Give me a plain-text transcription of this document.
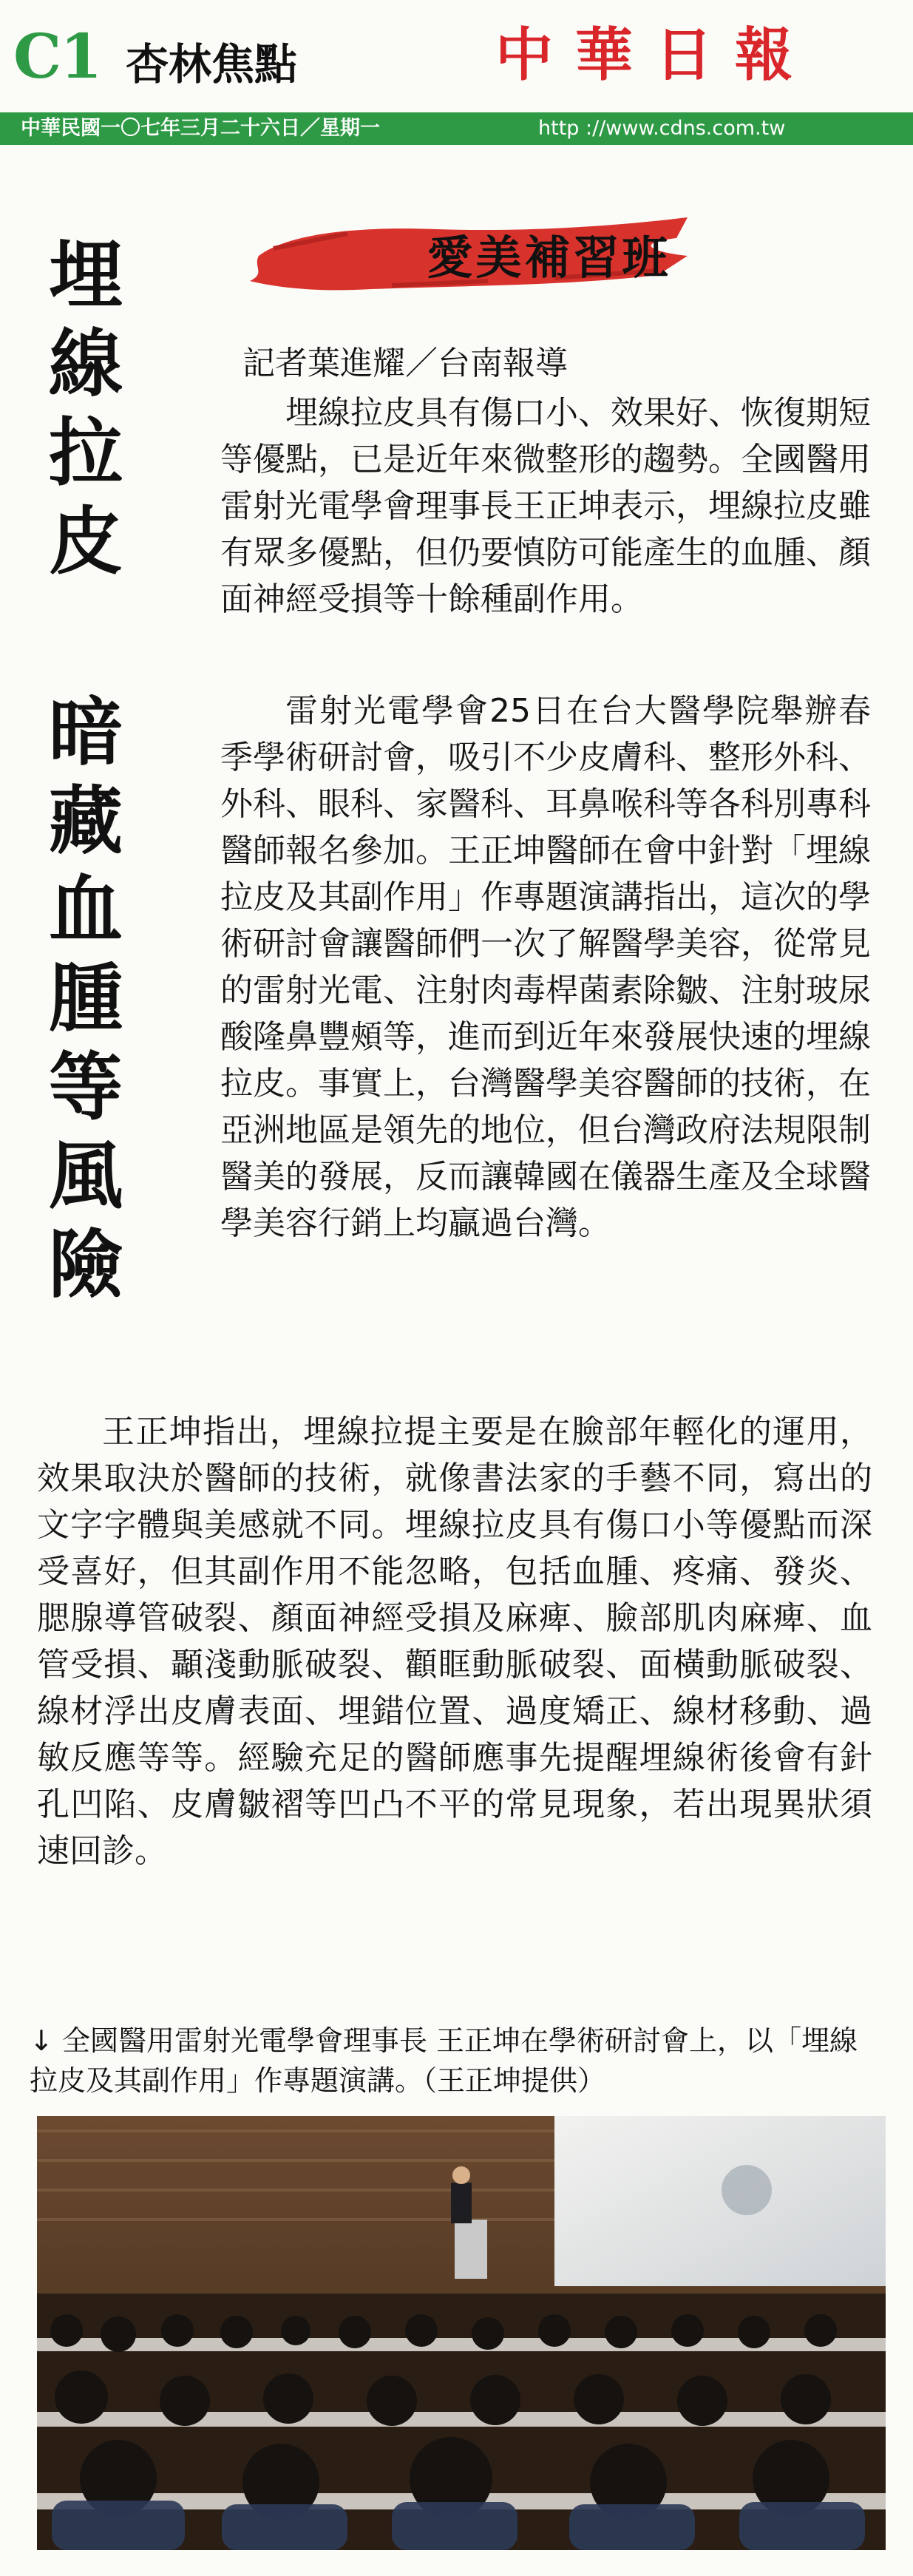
C1 杏林焦點	中華日報
中華民國一〇七年三月二十六日／星期一	http ://www.cdns.com.tw
埋線拉皮
暗藏血腫等風險
愛美補習班
記者葉進耀／台南報導

埋線拉皮具有傷口小、效果好、恢復期短等優點，已是近年來微整形的趨勢。全國醫用雷射光電學會理事長王正坤表示，埋線拉皮雖有眾多優點，但仍要慎防可能產生的血腫、顏面神經受損等十餘種副作用。

雷射光電學會25日在台大醫學院舉辦春季學術研討會，吸引不少皮膚科、整形外科、外科、眼科、家醫科、耳鼻喉科等各科別專科醫師報名參加。王正坤醫師在會中針對「埋線拉皮及其副作用」作專題演講指出，這次的學術研討會讓醫師們一次了解醫學美容，從常見的雷射光電、注射肉毒桿菌素除皺、注射玻尿酸隆鼻豐頰等，進而到近年來發展快速的埋線拉皮。事實上，台灣醫學美容醫師的技術，在亞洲地區是領先的地位，但台灣政府法規限制醫美的發展，反而讓韓國在儀器生產及全球醫學美容行銷上均贏過台灣。

王正坤指出，埋線拉提主要是在臉部年輕化的運用，效果取決於醫師的技術，就像書法家的手藝不同，寫出的文字字體與美感就不同。埋線拉皮具有傷口小等優點而深受喜好，但其副作用不能忽略，包括血腫、疼痛、發炎、腮腺導管破裂、顏面神經受損及麻痺、臉部肌肉麻痺、血管受損、顳淺動脈破裂、顴眶動脈破裂、面橫動脈破裂、線材浮出皮膚表面、埋錯位置、過度矯正、線材移動、過敏反應等等。經驗充足的醫師應事先提醒埋線術後會有針孔凹陷、皮膚皺褶等凹凸不平的常見現象，若出現異狀須速回診。

↓ 全國醫用雷射光電學會理事長 王正坤在學術研討會上，以「埋線 拉皮及其副作用」作專題演講。（王正坤提供）
